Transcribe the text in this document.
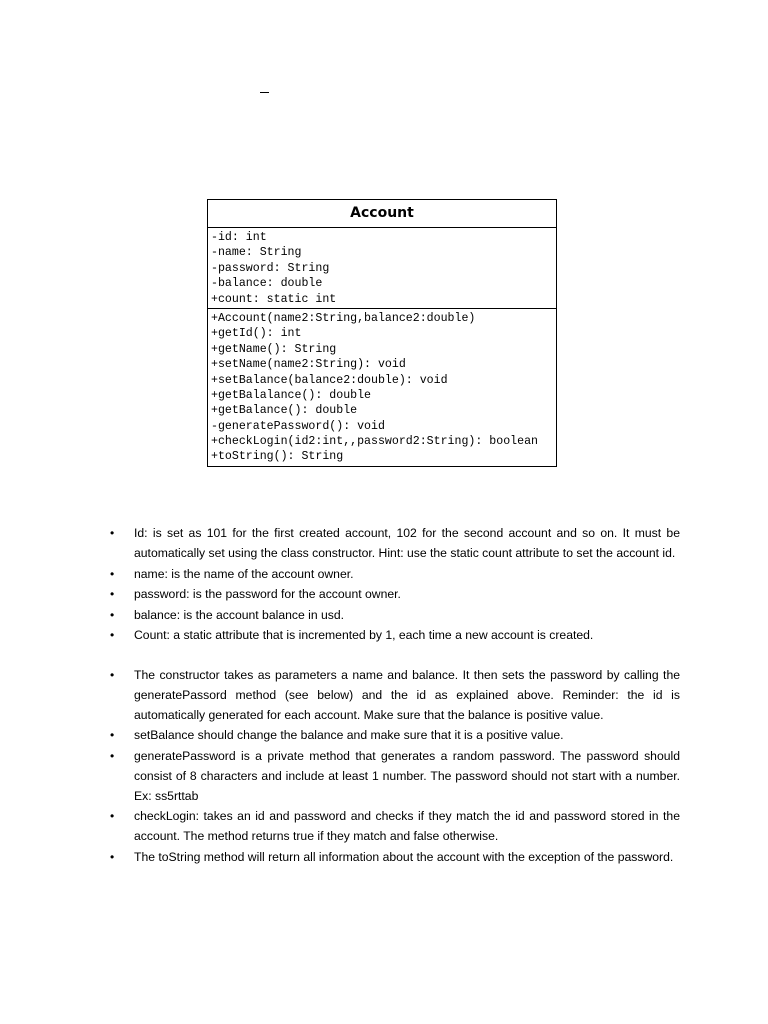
Account
-id: int
-name: String
-password: String
-balance: double
+count: static int
+Account(name2:String,balance2:double)
+getId(): int
+getName(): String
+setName(name2:String): void
+setBalance(balance2:double): void
+getBalalance(): double
+getBalance(): double
-generatePassword(): void
+checkLogin(id2:int,,password2:String): boolean
+toString(): String
•	Id: is set as 101 for the first created account, 102 for the second account and so on. It must be automatically set using the class constructor. Hint: use the static count attribute to set the account id.
•	name: is the name of the account owner.
•	password: is the password for the account owner.
•	balance: is the account balance in usd.
•	Count: a static attribute that is incremented by 1, each time a new account is created.
•	The constructor takes as parameters a name and balance. It then sets the password by calling the generatePassord method (see below) and the id as explained above. Reminder: the id is automatically generated for each account. Make sure that the balance is positive value.
•	setBalance should change the balance and make sure that it is a positive value.
•	generatePassword is a private method that generates a random password. The password should consist of 8 characters and include at least 1 number. The password should not start with a number. Ex: ss5rttab
•	checkLogin: takes an id and password and checks if they match the id and password stored in the account. The method returns true if they match and false otherwise.
•	The toString method will return all information about the account with the exception of the password.
